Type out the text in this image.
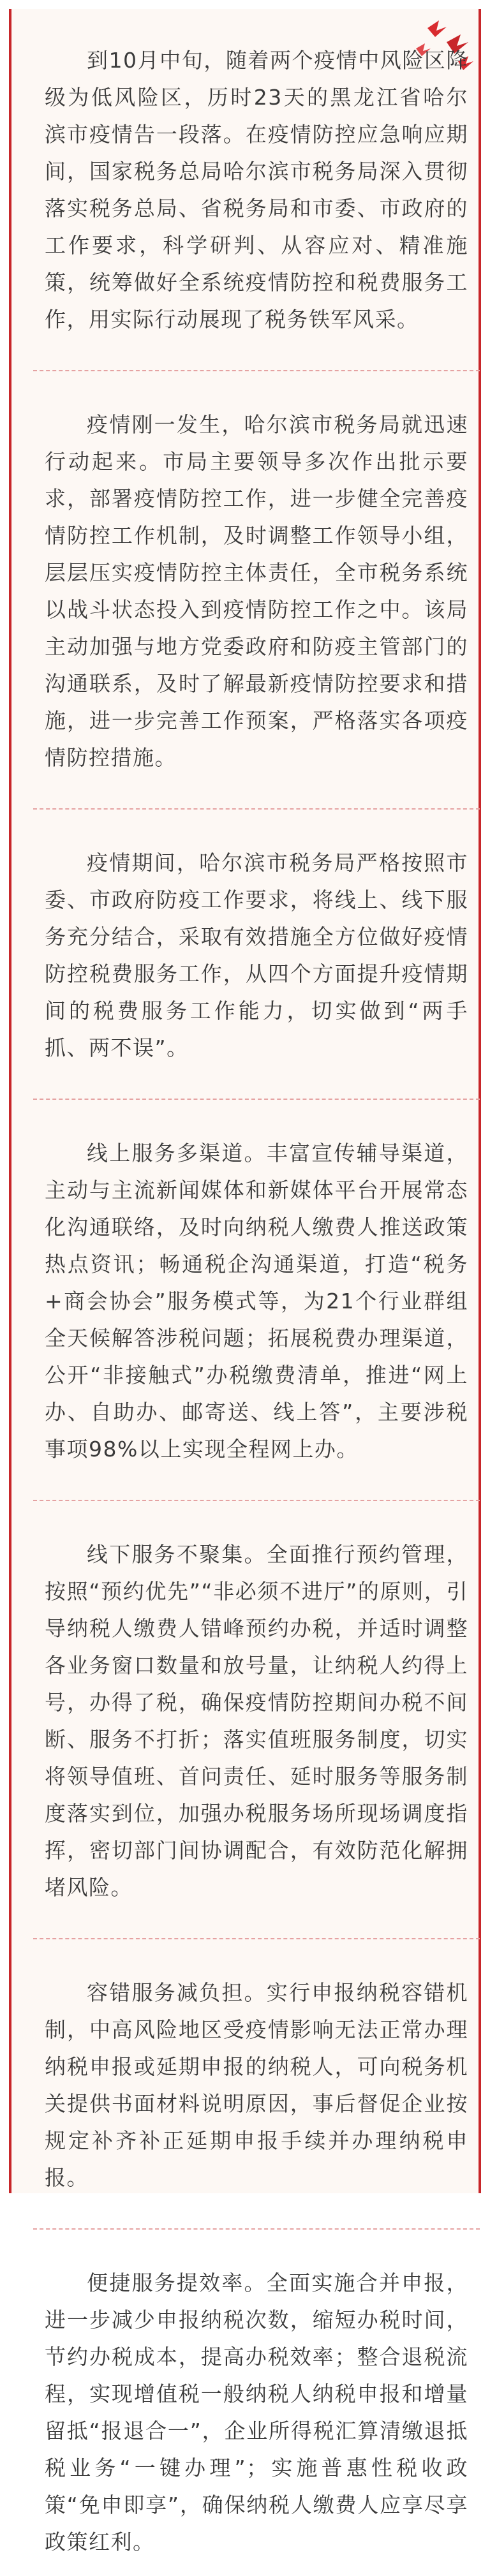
到10月中旬，随着两个疫情中风险区降级为低风险区，历时23天的黑龙江省哈尔滨市疫情告一段落。在疫情防控应急响应期间，国家税务总局哈尔滨市税务局深入贯彻落实税务总局、省税务局和市委、市政府的工作要求，科学研判、从容应对、精准施策，统筹做好全系统疫情防控和税费服务工作，用实际行动展现了税务铁军风采。

疫情刚一发生，哈尔滨市税务局就迅速行动起来。市局主要领导多次作出批示要求，部署疫情防控工作，进一步健全完善疫情防控工作机制，及时调整工作领导小组，层层压实疫情防控主体责任，全市税务系统以战斗状态投入到疫情防控工作之中。该局主动加强与地方党委政府和防疫主管部门的沟通联系，及时了解最新疫情防控要求和措施，进一步完善工作预案，严格落实各项疫情防控措施。

疫情期间，哈尔滨市税务局严格按照市委、市政府防疫工作要求，将线上、线下服务充分结合，采取有效措施全方位做好疫情防控税费服务工作，从四个方面提升疫情期间的税费服务工作能力，切实做到“两手抓、两不误”。

线上服务多渠道。丰富宣传辅导渠道，主动与主流新闻媒体和新媒体平台开展常态化沟通联络，及时向纳税人缴费人推送政策热点资讯；畅通税企沟通渠道，打造“税务+商会协会”服务模式等，为21个行业群组全天候解答涉税问题；拓展税费办理渠道，公开“非接触式”办税缴费清单，推进“网上办、自助办、邮寄送、线上答”，主要涉税事项98%以上实现全程网上办。

线下服务不聚集。全面推行预约管理，按照“预约优先”“非必须不进厅”的原则，引导纳税人缴费人错峰预约办税，并适时调整各业务窗口数量和放号量，让纳税人约得上号，办得了税，确保疫情防控期间办税不间断、服务不打折；落实值班服务制度，切实将领导值班、首问责任、延时服务等服务制度落实到位，加强办税服务场所现场调度指挥，密切部门间协调配合，有效防范化解拥堵风险。

容错服务减负担。实行申报纳税容错机制，中高风险地区受疫情影响无法正常办理纳税申报或延期申报的纳税人，可向税务机关提供书面材料说明原因，事后督促企业按规定补齐补正延期申报手续并办理纳税申报。

便捷服务提效率。全面实施合并申报，进一步减少申报纳税次数，缩短办税时间，节约办税成本，提高办税效率；整合退税流程，实现增值税一般纳税人纳税申报和增量留抵“报退合一”，企业所得税汇算清缴退抵税业务“一键办理”；实施普惠性税收政策“免申即享”，确保纳税人缴费人应享尽享政策红利。
